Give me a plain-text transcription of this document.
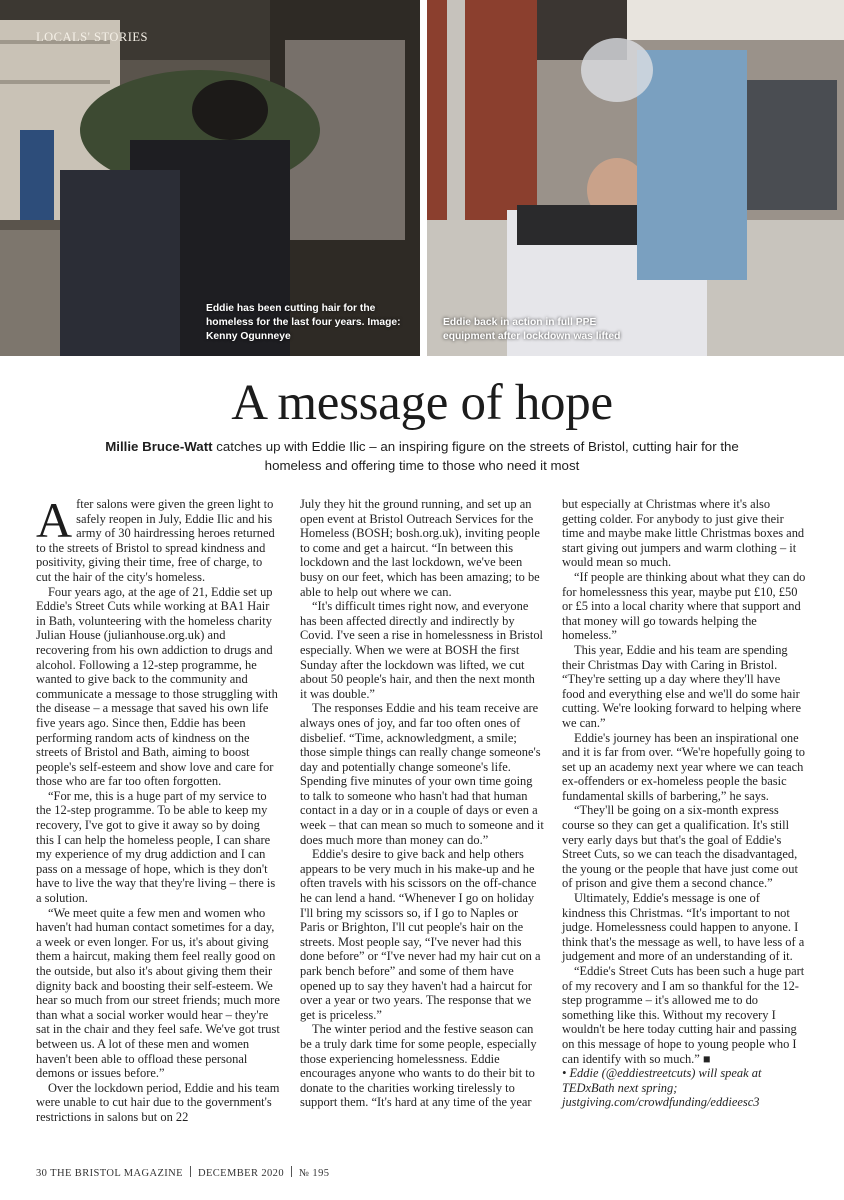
LOCALS' STORIES
Eddie has been cutting hair for the homeless for the last four years. Image: Kenny Ogunneye
Eddie back in action in full PPE equipment after lockdown was lifted
A message of hope
Millie Bruce-Watt catches up with Eddie Ilic – an inspiring figure on the streets of Bristol, cutting hair for the homeless and offering time to those who need it most

After salons were given the green light to safely reopen in July, Eddie Ilic and his army of 30 hairdressing heroes returned to the streets of Bristol to spread kindness and positivity, giving their time, free of charge, to cut the hair of the city's homeless.

Four years ago, at the age of 21, Eddie set up Eddie's Street Cuts while working at BA1 Hair in Bath, volunteering with the homeless charity Julian House (julianhouse.org.uk) and recovering from his own addiction to drugs and alcohol. Following a 12-step programme, he wanted to give back to the community and communicate a message to those struggling with the disease – a message that saved his own life five years ago. Since then, Eddie has been performing random acts of kindness on the streets of Bristol and Bath, aiming to boost people's self-esteem and show love and care for those who are far too often forgotten.

“For me, this is a huge part of my service to the 12-step programme. To be able to keep my recovery, I've got to give it away so by doing this I can help the homeless people, I can share my experience of my drug addiction and I can pass on a message of hope, which is they don't have to live the way that they're living – there is a solution.

“We meet quite a few men and women who haven't had human contact sometimes for a day, a week or even longer. For us, it's about giving them a haircut, making them feel really good on the outside, but also it's about giving them their dignity back and boosting their self-esteem. We hear so much from our street friends; much more than what a social worker would hear – they're sat in the chair and they feel safe. We've got trust between us. A lot of these men and women haven't been able to offload these personal demons or issues before.”

Over the lockdown period, Eddie and his team were unable to cut hair due to the government's restrictions in salons but on 22

July they hit the ground running, and set up an open event at Bristol Outreach Services for the Homeless (BOSH; bosh.org.uk), inviting people to come and get a haircut. “In between this lockdown and the last lockdown, we've been busy on our feet, which has been amazing; to be able to help out where we can.

“It's difficult times right now, and everyone has been affected directly and indirectly by Covid. I've seen a rise in homelessness in Bristol especially. When we were at BOSH the first Sunday after the lockdown was lifted, we cut about 50 people's hair, and then the next month it was double.”

The responses Eddie and his team receive are always ones of joy, and far too often ones of disbelief. “Time, acknowledgment, a smile; those simple things can really change someone's day and potentially change someone's life. Spending five minutes of your own time going to talk to someone who hasn't had that human contact in a day or in a couple of days or even a week – that can mean so much to someone and it does much more than money can do.”

Eddie's desire to give back and help others appears to be very much in his make-up and he often travels with his scissors on the off-chance he can lend a hand. “Whenever I go on holiday I'll bring my scissors so, if I go to Naples or Paris or Brighton, I'll cut people's hair on the streets. Most people say, “I've never had this done before” or “I've never had my hair cut on a park bench before” and some of them have opened up to say they haven't had a haircut for over a year or two years. The response that we get is priceless.”

The winter period and the festive season can be a truly dark time for some people, especially those experiencing homelessness. Eddie encourages anyone who wants to do their bit to donate to the charities working tirelessly to support them. “It's hard at any time of the year

but especially at Christmas where it's also getting colder. For anybody to just give their time and maybe make little Christmas boxes and start giving out jumpers and warm clothing – it would mean so much.

“If people are thinking about what they can do for homelessness this year, maybe put £10, £50 or £5 into a local charity where that support and that money will go towards helping the homeless.”

This year, Eddie and his team are spending their Christmas Day with Caring in Bristol. “They're setting up a day where they'll have food and everything else and we'll do some hair cutting. We're looking forward to helping where we can.”

Eddie's journey has been an inspirational one and it is far from over. “We're hopefully going to set up an academy next year where we can teach ex-offenders or ex-homeless people the basic fundamental skills of barbering,” he says.

“They'll be going on a six-month express course so they can get a qualification. It's still very early days but that's the goal of Eddie's Street Cuts, so we can teach the disadvantaged, the young or the people that have just come out of prison and give them a second chance.”

Ultimately, Eddie's message is one of kindness this Christmas. “It's important to not judge. Homelessness could happen to anyone. I think that's the message as well, to have less of a judgement and more of an understanding of it.

“Eddie's Street Cuts has been such a huge part of my recovery and I am so thankful for the 12-step programme – it's allowed me to do something like this. Without my recovery I wouldn't be here today cutting hair and passing on this message of hope to young people who I can identify with so much.” ■

• Eddie (@eddiestreetcuts) will speak at TEDxBath next spring; justgiving.com/crowdfunding/eddieesc3

30 THE BRISTOL MAGAZINE DECEMBER 2020 № 195
